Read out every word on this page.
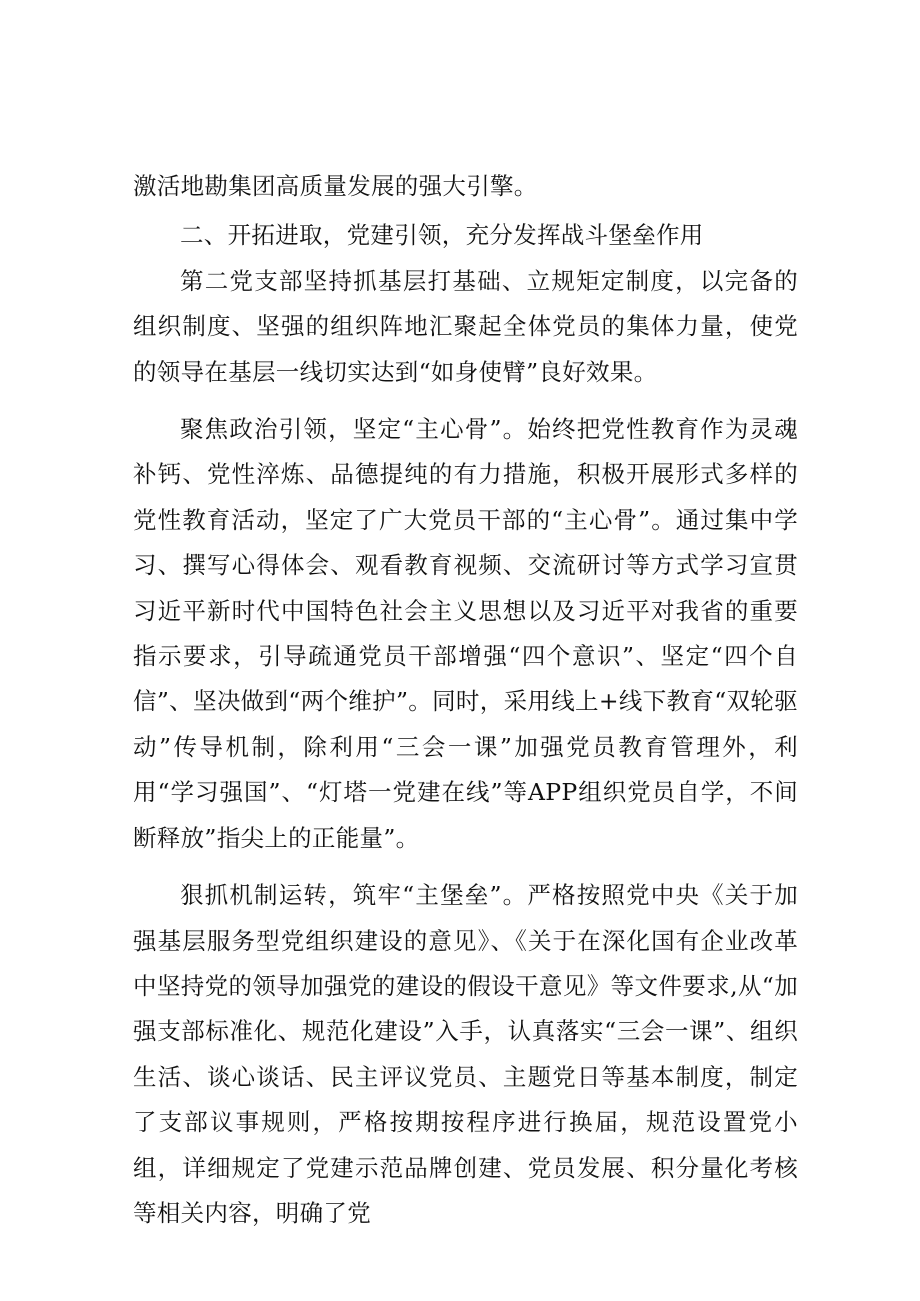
激活地勘集团高质量发展的强大引擎。

二、开拓进取，党建引领，充分发挥战斗堡垒作用

第二党支部坚持抓基层打基础、立规矩定制度，以完备的组织制度、坚强的组织阵地汇聚起全体党员的集体力量，使党的领导在基层一线切实达到“如身使臂”良好效果。

聚焦政治引领，坚定“主心骨”。始终把党性教育作为灵魂补钙、党性淬炼、品德提纯的有力措施，积极开展形式多样的党性教育活动，坚定了广大党员干部的“主心骨”。通过集中学习、撰写心得体会、观看教育视频、交流研讨等方式学习宣贯习近平新时代中国特色社会主义思想以及习近平对我省的重要指示要求，引导疏通党员干部增强“四个意识”、坚定“四个自信”、坚决做到“两个维护”。同时，采用线上+线下教育“双轮驱动”传导机制，除利用“三会一课”加强党员教育管理外，利用“学习强国”、“灯塔一党建在线”等APP组织党员自学，不间断释放”指尖上的正能量”。

狠抓机制运转，筑牢“主堡垒”。严格按照党中央《关于加强基层服务型党组织建设的意见》、《关于在深化国有企业改革中坚持党的领导加强党的建设的假设干意见》等文件要求,从“加强支部标准化、规范化建设”入手，认真落实“三会一课”、组织生活、谈心谈话、民主评议党员、主题党日等基本制度，制定了支部议事规则，严格按期按程序进行换届，规范设置党小组，详细规定了党建示范品牌创建、党员发展、积分量化考核等相关内容，明确了党
